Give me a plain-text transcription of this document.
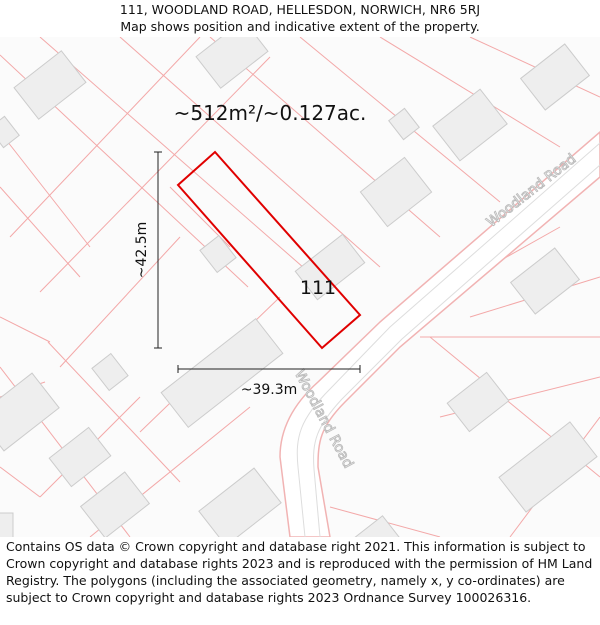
111, WOODLAND ROAD, HELLESDON, NORWICH, NR6 5RJ
Map shows position and indicative extent of the property.
Woodland Road
Woodland Road
~512m²/~0.127ac.
111
~42.5m
~39.3m

Contains OS data © Crown copyright and database right 2021. This information is subject to Crown copyright and database rights 2023 and is reproduced with the permission of HM Land Registry. The polygons (including the associated geometry, namely x, y co-ordinates) are subject to Crown copyright and database rights 2023 Ordnance Survey 100026316.
